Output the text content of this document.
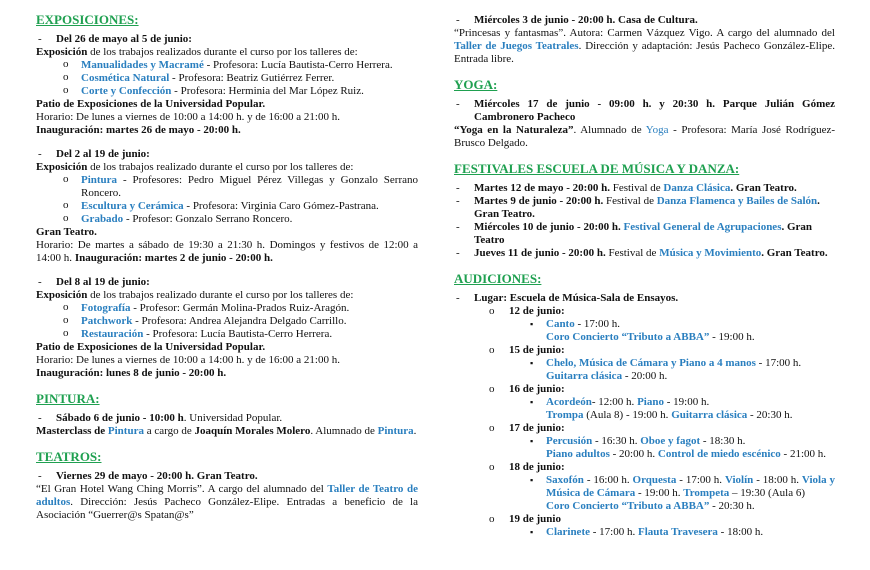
EXPOSICIONES:
- Del 26 de mayo al 5 de junio:

Exposición de los trabajos realizados durante el curso por los talleres de:

o Manualidades y Macramé - Profesora: Lucía Bautista-Cerro Herrera.
o Cosmética Natural - Profesora: Beatriz Gutiérrez Ferrer.
o Corte y Confección - Profesora: Herminia del Mar López Ruiz.

Patio de Exposiciones de la Universidad Popular.

Horario: De lunes a viernes de 10:00 a 14:00 h. y de 16:00 a 21:00 h.

Inauguración: martes 26 de mayo - 20:00 h.

- Del 2 al 19 de junio:

Exposición de los trabajos realizado durante el curso por los talleres de:

o Pintura - Profesores: Pedro Miguel Pérez Villegas y Gonzalo Serrano Roncero.
o Escultura y Cerámica - Profesora: Virginia Caro Gómez-Pastrana.
o Grabado - Profesor: Gonzalo Serrano Roncero.

Gran Teatro.

Horario: De martes a sábado de 19:30 a 21:30 h. Domingos y festivos de 12:00 a 14:00 h. Inauguración: martes 2 de junio - 20:00 h.

- Del 8 al 19 de junio:

Exposición de los trabajos realizado durante el curso por los talleres de:

o Fotografía - Profesor: Germán Molina-Prados Ruiz-Aragón.
o Patchwork - Profesora: Andrea Alejandra Delgado Carrillo.
o Restauración - Profesora: Lucía Bautista-Cerro Herrera.

Patio de Exposiciones de la Universidad Popular.

Horario: De lunes a viernes de 10:00 a 14:00 h. y de 16:00 a 21:00 h.

Inauguración: lunes 8 de junio - 20:00 h.

PINTURA:
- Sábado 6 de junio - 10:00 h. Universidad Popular.

Masterclass de Pintura a cargo de Joaquín Morales Molero. Alumnado de Pintura.

TEATROS:
- Viernes 29 de mayo - 20:00 h. Gran Teatro.

“El Gran Hotel Wang Ching Morris”. A cargo del alumnado del Taller de Teatro de adultos. Dirección: Jesús Pacheco González-Elipe. Entradas a beneficio de la Asociación “Guerrer@s Spatan@s”

- Miércoles 3 de junio - 20:00 h. Casa de Cultura.

“Princesas y fantasmas”. Autora: Carmen Vázquez Vigo. A cargo del alumnado del Taller de Juegos Teatrales. Dirección y adaptación: Jesús Pacheco González-Elipe. Entrada libre.

YOGA:
- Miércoles 17 de junio - 09:00 h. y 20:30 h. Parque Julián Gómez Cambronero Pacheco

“Yoga en la Naturaleza”. Alumnado de Yoga - Profesora: María José Rodríguez-Brusco Delgado.

FESTIVALES ESCUELA DE MÚSICA Y DANZA:
- Martes 12 de mayo - 20:00 h. Festival de Danza Clásica. Gran Teatro.
- Martes 9 de junio - 20:00 h. Festival de Danza Flamenca y Bailes de Salón. Gran Teatro.
- Miércoles 10 de junio - 20:00 h. Festival General de Agrupaciones. Gran Teatro
- Jueves 11 de junio - 20:00 h. Festival de Música y Movimiento. Gran Teatro.
AUDICIONES:
- Lugar: Escuela de Música-Sala de Ensayos.
o 12 de junio:
▪ Canto - 17:00 h.
Coro Concierto “Tributo a ABBA” - 19:00 h.
o 15 de junio:
▪ Chelo, Música de Cámara y Piano a 4 manos - 17:00 h.
Guitarra clásica - 20:00 h.
o 16 de junio:
▪ Acordeón- 12:00 h. Piano - 19:00 h.
Trompa (Aula 8) - 19:00 h. Guitarra clásica - 20:30 h.
o 17 de junio:
▪ Percusión - 16:30 h. Oboe y fagot - 18:30 h.
Piano adultos - 20:00 h. Control de miedo escénico - 21:00 h.
o 18 de junio:
▪ Saxofón - 16:00 h. Orquesta - 17:00 h. Violín - 18:00 h. Viola y Música de Cámara - 19:00 h. Trompeta – 19:30 (Aula 6)
Coro Concierto “Tributo a ABBA” - 20:30 h.
o 19 de junio
▪ Clarinete - 17:00 h. Flauta Travesera - 18:00 h.
